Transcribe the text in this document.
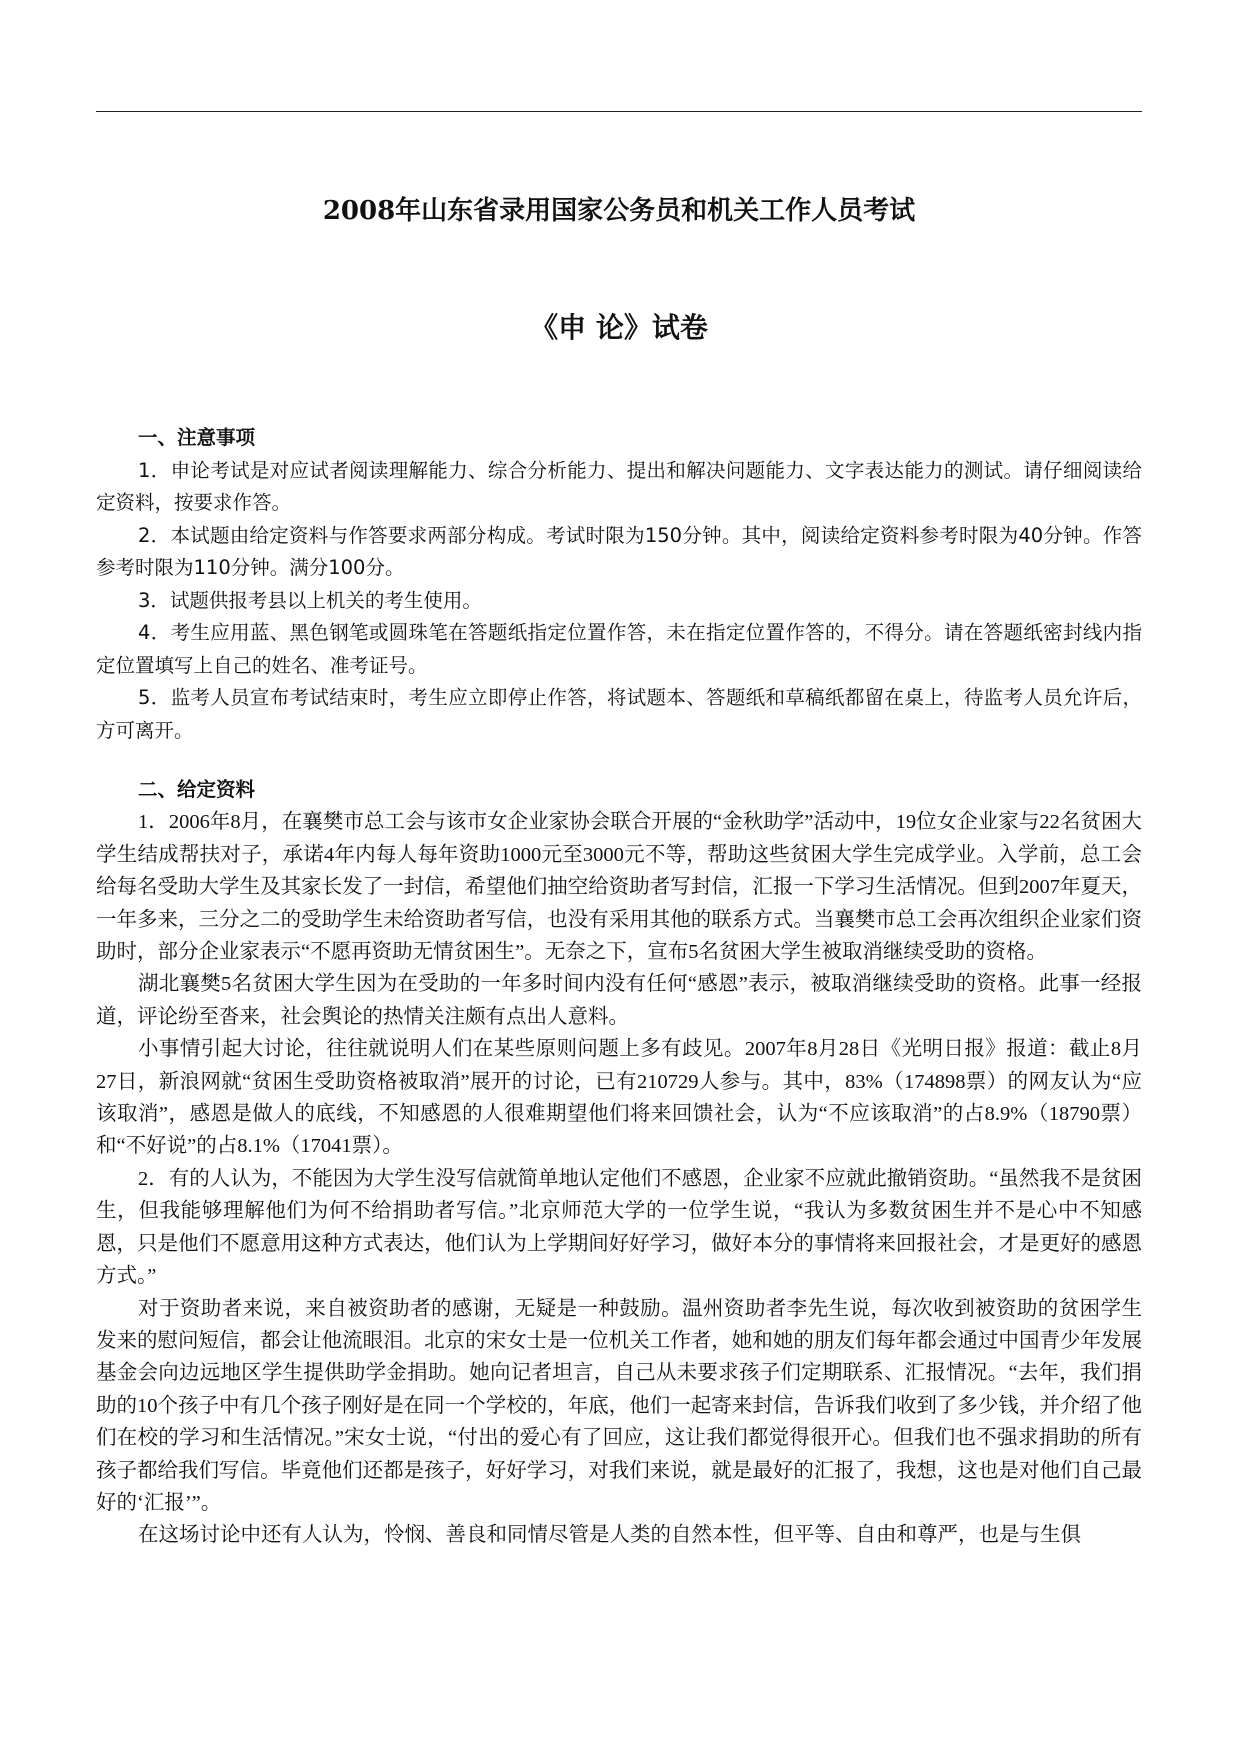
2008年山东省录用国家公务员和机关工作人员考试
《申 论》试卷
一、注意事项

1．申论考试是对应试者阅读理解能力、综合分析能力、提出和解决问题能力、文字表达能力的测试。请仔细阅读给定资料，按要求作答。

2．本试题由给定资料与作答要求两部分构成。考试时限为150分钟。其中，阅读给定资料参考时限为40分钟。作答参考时限为110分钟。满分100分。

3．试题供报考县以上机关的考生使用。

4．考生应用蓝、黑色钢笔或圆珠笔在答题纸指定位置作答，未在指定位置作答的，不得分。请在答题纸密封线内指定位置填写上自己的姓名、准考证号。

5．监考人员宣布考试结束时，考生应立即停止作答，将试题本、答题纸和草稿纸都留在桌上，待监考人员允许后，方可离开。

二、给定资料

1．2006年8月，在襄樊市总工会与该市女企业家协会联合开展的“金秋助学”活动中，19位女企业家与22名贫困大学生结成帮扶对子，承诺4年内每人每年资助1000元至3000元不等，帮助这些贫困大学生完成学业。入学前，总工会给每名受助大学生及其家长发了一封信，希望他们抽空给资助者写封信，汇报一下学习生活情况。但到2007年夏天，一年多来，三分之二的受助学生未给资助者写信，也没有采用其他的联系方式。当襄樊市总工会再次组织企业家们资助时，部分企业家表示“不愿再资助无情贫困生”。无奈之下，宣布5名贫困大学生被取消继续受助的资格。

湖北襄樊5名贫困大学生因为在受助的一年多时间内没有任何“感恩”表示，被取消继续受助的资格。此事一经报道，评论纷至沓来，社会舆论的热情关注颇有点出人意料。

小事情引起大讨论，往往就说明人们在某些原则问题上多有歧见。2007年8月28日《光明日报》报道：截止8月27日，新浪网就“贫困生受助资格被取消”展开的讨论，已有210729人参与。其中，83%（174898票）的网友认为“应该取消”，感恩是做人的底线，不知感恩的人很难期望他们将来回馈社会，认为“不应该取消”的占8.9%（18790票）和“不好说”的占8.1%（17041票）。

2．有的人认为，不能因为大学生没写信就简单地认定他们不感恩，企业家不应就此撤销资助。“虽然我不是贫困生，但我能够理解他们为何不给捐助者写信。”北京师范大学的一位学生说，“我认为多数贫困生并不是心中不知感恩，只是他们不愿意用这种方式表达，他们认为上学期间好好学习，做好本分的事情将来回报社会，才是更好的感恩方式。”

对于资助者来说，来自被资助者的感谢，无疑是一种鼓励。温州资助者李先生说，每次收到被资助的贫困学生发来的慰问短信，都会让他流眼泪。北京的宋女士是一位机关工作者，她和她的朋友们每年都会通过中国青少年发展基金会向边远地区学生提供助学金捐助。她向记者坦言，自己从未要求孩子们定期联系、汇报情况。“去年，我们捐助的10个孩子中有几个孩子刚好是在同一个学校的，年底，他们一起寄来封信，告诉我们收到了多少钱，并介绍了他们在校的学习和生活情况。”宋女士说，“付出的爱心有了回应，这让我们都觉得很开心。但我们也不强求捐助的所有孩子都给我们写信。毕竟他们还都是孩子，好好学习，对我们来说，就是最好的汇报了，我想，这也是对他们自己最好的‘汇报’”。

在这场讨论中还有人认为，怜悯、善良和同情尽管是人类的自然本性，但平等、自由和尊严，也是与生俱
